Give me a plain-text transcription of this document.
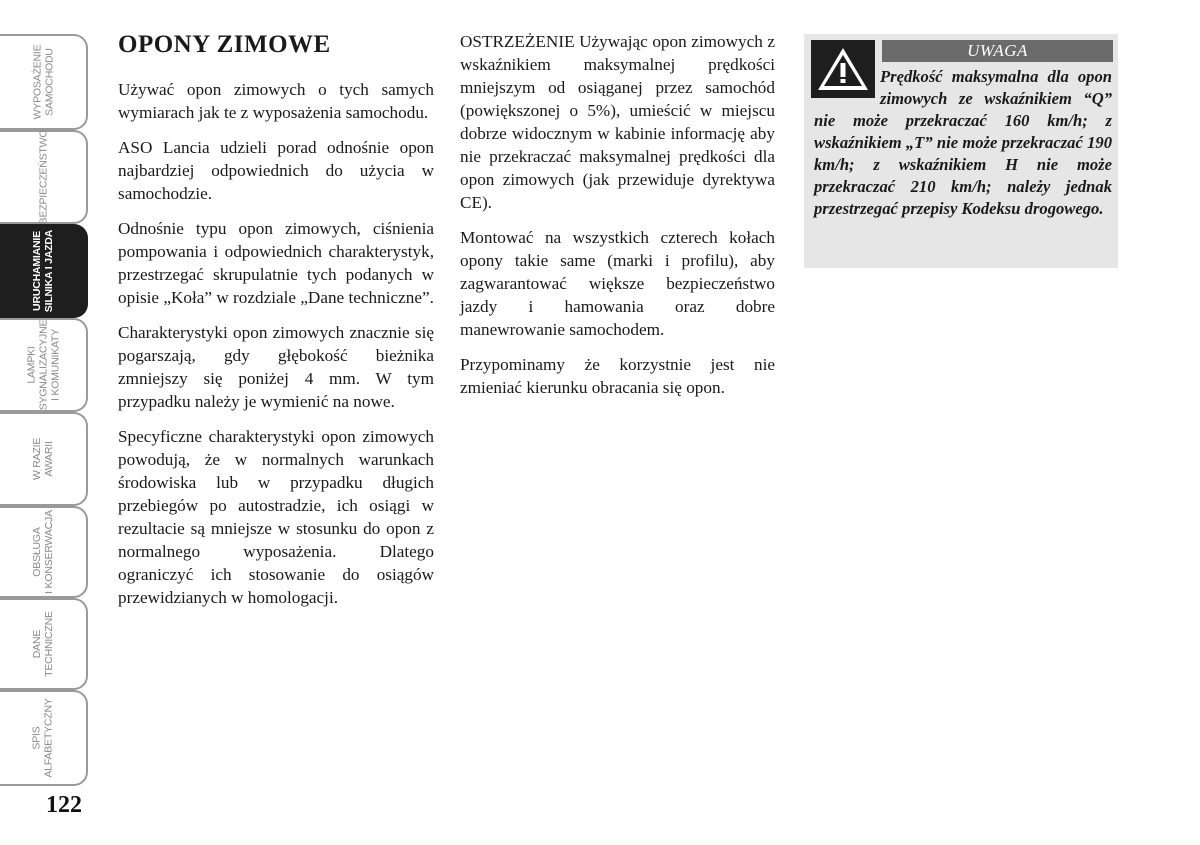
WYPOSAŻENIE SAMOCHODU
BEZPIECZEŃSTWO
URUCHAMIANIE SILNIKA I JAZDA
LAMPKI SYGNALIZACYJNE I KOMUNIKATY
W RAZIE AWARII
OBSŁUGA I KONSERWACJA
DANE TECHNICZNE
SPIS ALFABETYCZNY
122
OPONY ZIMOWE

Używać opon zimowych o tych samych wymiarach jak te z wyposażenia samochodu.

ASO Lancia udzieli porad odnośnie opon najbardziej odpowiednich do użycia w samochodzie.

Odnośnie typu opon zimowych, ciśnienia pompowania i odpowiednich charakterystyk, przestrzegać skrupulatnie tych podanych w opisie „Koła” w rozdziale „Dane techniczne”.

Charakterystyki opon zimowych znacznie się pogarszają, gdy głębokość bieżnika zmniejszy się poniżej 4 mm. W tym przypadku należy je wymienić na nowe.

Specyficzne charakterystyki opon zimowych powodują, że w normalnych warunkach środowiska lub w przypadku długich przebiegów po autostradzie, ich osiągi w rezultacie są mniejsze w stosunku do opon z normalnego wyposażenia. Dlatego ograniczyć ich stosowanie do osiągów przewidzianych w homologacji.

OSTRZEŻENIE Używając opon zimowych z wskaźnikiem maksymalnej prędkości mniejszym od osiąganej przez samochód (powiększonej o 5%), umieścić w miejscu dobrze widocznym w kabinie informację aby nie przekraczać maksymalnej prędkości dla opon zimowych (jak przewiduje dyrektywa CE).

Montować na wszystkich czterech kołach opony takie same (marki i profilu), aby zagwarantować większe bezpieczeństwo jazdy i hamowania oraz dobre manewrowanie samochodem.

Przypominamy że korzystnie jest nie zmieniać kierunku obracania się opon.

UWAGA
Prędkość maksymalna dla opon zimowych ze wskaźnikiem “Q” nie może przekraczać 160 km/h; z wskaźnikiem „T” nie może przekraczać 190 km/h; z wskaźnikiem H nie może przekraczać 210 km/h; należy jednak przestrzegać przepisy Kodeksu drogowego.
